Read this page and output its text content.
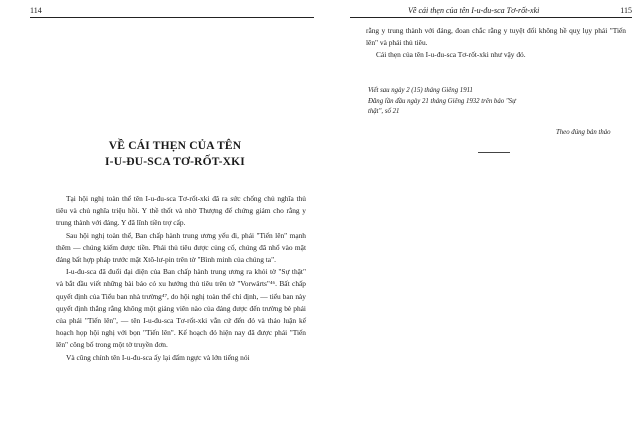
114
VỀ CÁI THẸN CỦA TÊN
I-U-ĐU-SCA TƠ-RỐT-XKI

Tại hội nghị toàn thể tên I-u-đu-sca Tơ-rốt-xki đã ra sức chống chủ nghĩa thủ tiêu và chủ nghĩa triệu hồi. Y thề thốt và nhờ Thượng đế chứng giám cho rằng y trung thành với đảng. Y đã lĩnh tiền trợ cấp.

Sau hội nghị toàn thể, Ban chấp hành trung ương yếu đi, phái "Tiến lên" mạnh thêm — chúng kiếm được tiền. Phái thủ tiêu được củng cố, chúng đã nhổ vào mặt đảng bất hợp pháp trước mặt Xtô-lư-pin trên tờ "Bình minh của chúng ta".

I-u-đu-sca đã đuổi đại diện của Ban chấp hành trung ương ra khỏi tờ "Sự thật" và bắt đầu viết những bài báo có xu hướng thủ tiêu trên tờ "Vorwärts"⁴⁶. Bất chấp quyết định của Tiểu ban nhà trường⁴⁷, do hội nghị toàn thể chỉ định, — tiểu ban này quyết định thẳng rằng không một giảng viên nào của đảng được đến trường bè phái của phái "Tiến lên", — tên I-u-đu-sca Tơ-rốt-xki vẫn cứ đến đó và thảo luận kế hoạch họp hội nghị với bọn "Tiến lên". Kế hoạch đó hiện nay đã được phái "Tiến lên" công bố trong một tờ truyền đơn.

Và cũng chính tên I-u-đu-sca ấy lại đấm ngực và lớn tiếng nói

Về cái thẹn của tên I-u-đu-sca Tơ-rốt-xki	115

rằng y trung thành với đảng, đoan chắc rằng y tuyệt đối không hề quỵ lụy phái "Tiến lên" và phái thủ tiêu.

Cái thẹn của tên I-u-đu-sca Tơ-rốt-xki như vậy đó.

Viết sau ngày 2 (15) tháng Giêng 1911
Đăng lần đầu ngày 21 tháng Giêng 1932 trên báo "Sự thật", số 21
Theo đúng bản thảo
